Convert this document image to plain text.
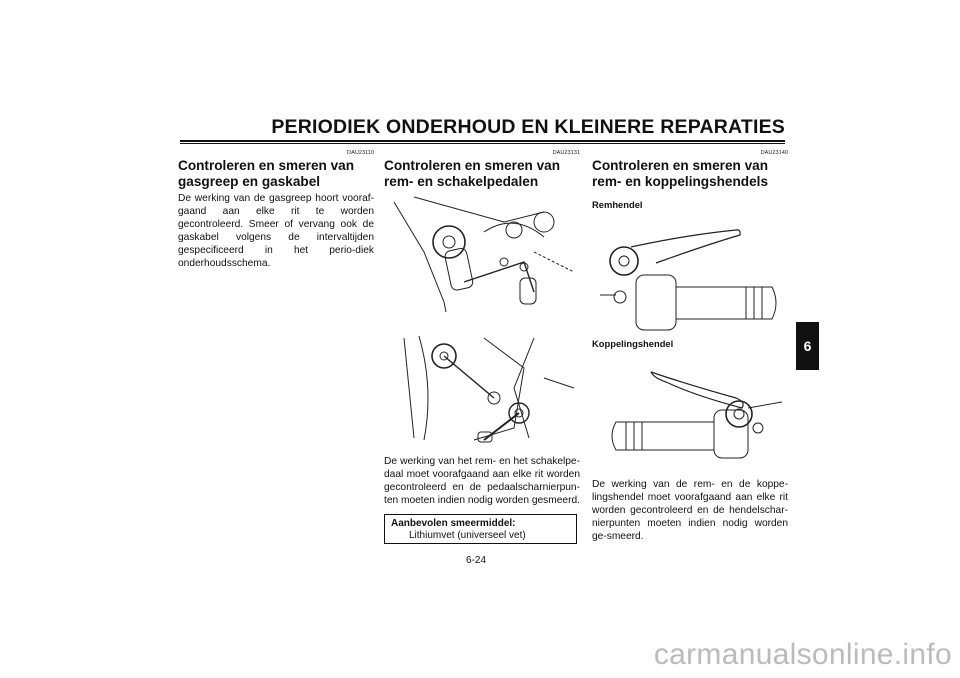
PERIODIEK ONDERHOUD EN KLEINERE REPARATIES
DAU23110
Controleren en smeren van gasgreep en gaskabel

De werking van de gasgreep hoort vooraf-gaand aan elke rit te worden gecontroleerd. Smeer of vervang ook de gaskabel volgens de intervaltijden gespecificeerd in het perio-diek onderhoudsschema.

DAU23131
Controleren en smeren van rem- en schakelpedalen

De werking van het rem- en het schakelpe-daal moet voorafgaand aan elke rit worden gecontroleerd en de pedaalscharnierpun-ten moeten indien nodig worden gesmeerd.

Aanbevolen smeermiddel:
Lithiumvet (universeel vet)
DAU23140
Controleren en smeren van rem- en koppelingshendels
Remhendel
Koppelingshendel

De werking van de rem- en de koppe-lingshendel moet voorafgaand aan elke rit worden gecontroleerd en de hendelschar-nierpunten moeten indien nodig worden ge-smeerd.

6-24
6
carmanualsonline.info
